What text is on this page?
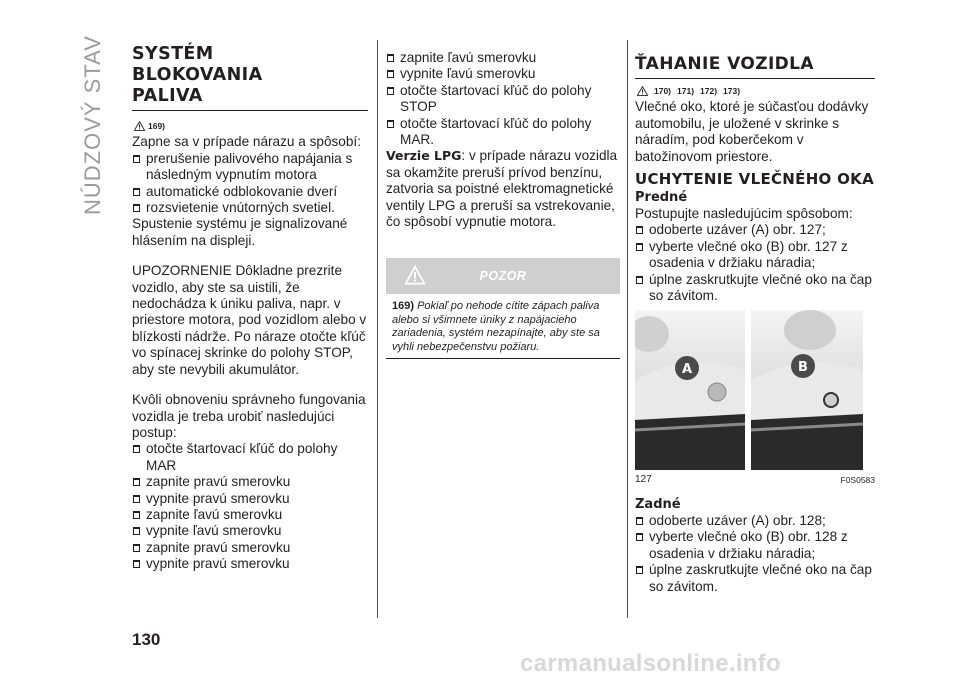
NÚDZOVÝ STAV
130
carmanualsonline.info
SYSTÉM
BLOKOVANIA
PALIVA
169)

Zapne sa v prípade nárazu a spôsobí:

prerušenie palivového napájania s následným vypnutím motora
automatické odblokovanie dverí
rozsvietenie vnútorných svetiel.

Spustenie systému je signalizované hlásením na displeji.

UPOZORNENIE Dôkladne prezrite vozidlo, aby ste sa uistili, že nedochádza k úniku paliva, napr. v priestore motora, pod vozidlom alebo v blízkosti nádrže. Po náraze otočte kľúč vo spínacej skrinke do polohy STOP, aby ste nevybili akumulátor.

Kvôli obnoveniu správneho fungovania vozidla je treba urobiť nasledujúci postup:

otočte štartovací kľúč do polohy MAR
zapnite pravú smerovku
vypnite pravú smerovku
zapnite ľavú smerovku
vypnite ľavú smerovku
zapnite pravú smerovku
vypnite pravú smerovku
zapnite ľavú smerovku
vypnite ľavú smerovku
otočte štartovací kľúč do polohy STOP
otočte štartovací kľúč do polohy MAR.

Verzie LPG: v prípade nárazu vozidla sa okamžite preruší prívod benzínu, zatvoria sa poistné elektromagnetické ventily LPG a preruší sa vstrekovanie, čo spôsobí vypnutie motora.

POZOR
169) Pokiaľ po nehode cítite zápach paliva alebo si všimnete úniky z napájacieho zariadenia, systém nezapínajte, aby ste sa vyhli nebezpečenstvu požiaru.
ŤAHANIE VOZIDLA
170) 171) 172) 173)

Vlečné oko, ktoré je súčasťou dodávky automobilu, je uložené v skrinke s náradím, pod koberčekom v batožinovom priestore.

UCHYTENIE VLEČNÉHO OKA
Predné

Postupujte nasledujúcim spôsobom:

odoberte uzáver (A) obr. 127;
vyberte vlečné oko (B) obr. 127 z osadenia v držiaku náradia;
úplne zaskrutkujte vlečné oko na čap so závitom.
A	B
127	F0S0583
Zadné
odoberte uzáver (A) obr. 128;
vyberte vlečné oko (B) obr. 128 z osadenia v držiaku náradia;
úplne zaskrutkujte vlečné oko na čap so závitom.
